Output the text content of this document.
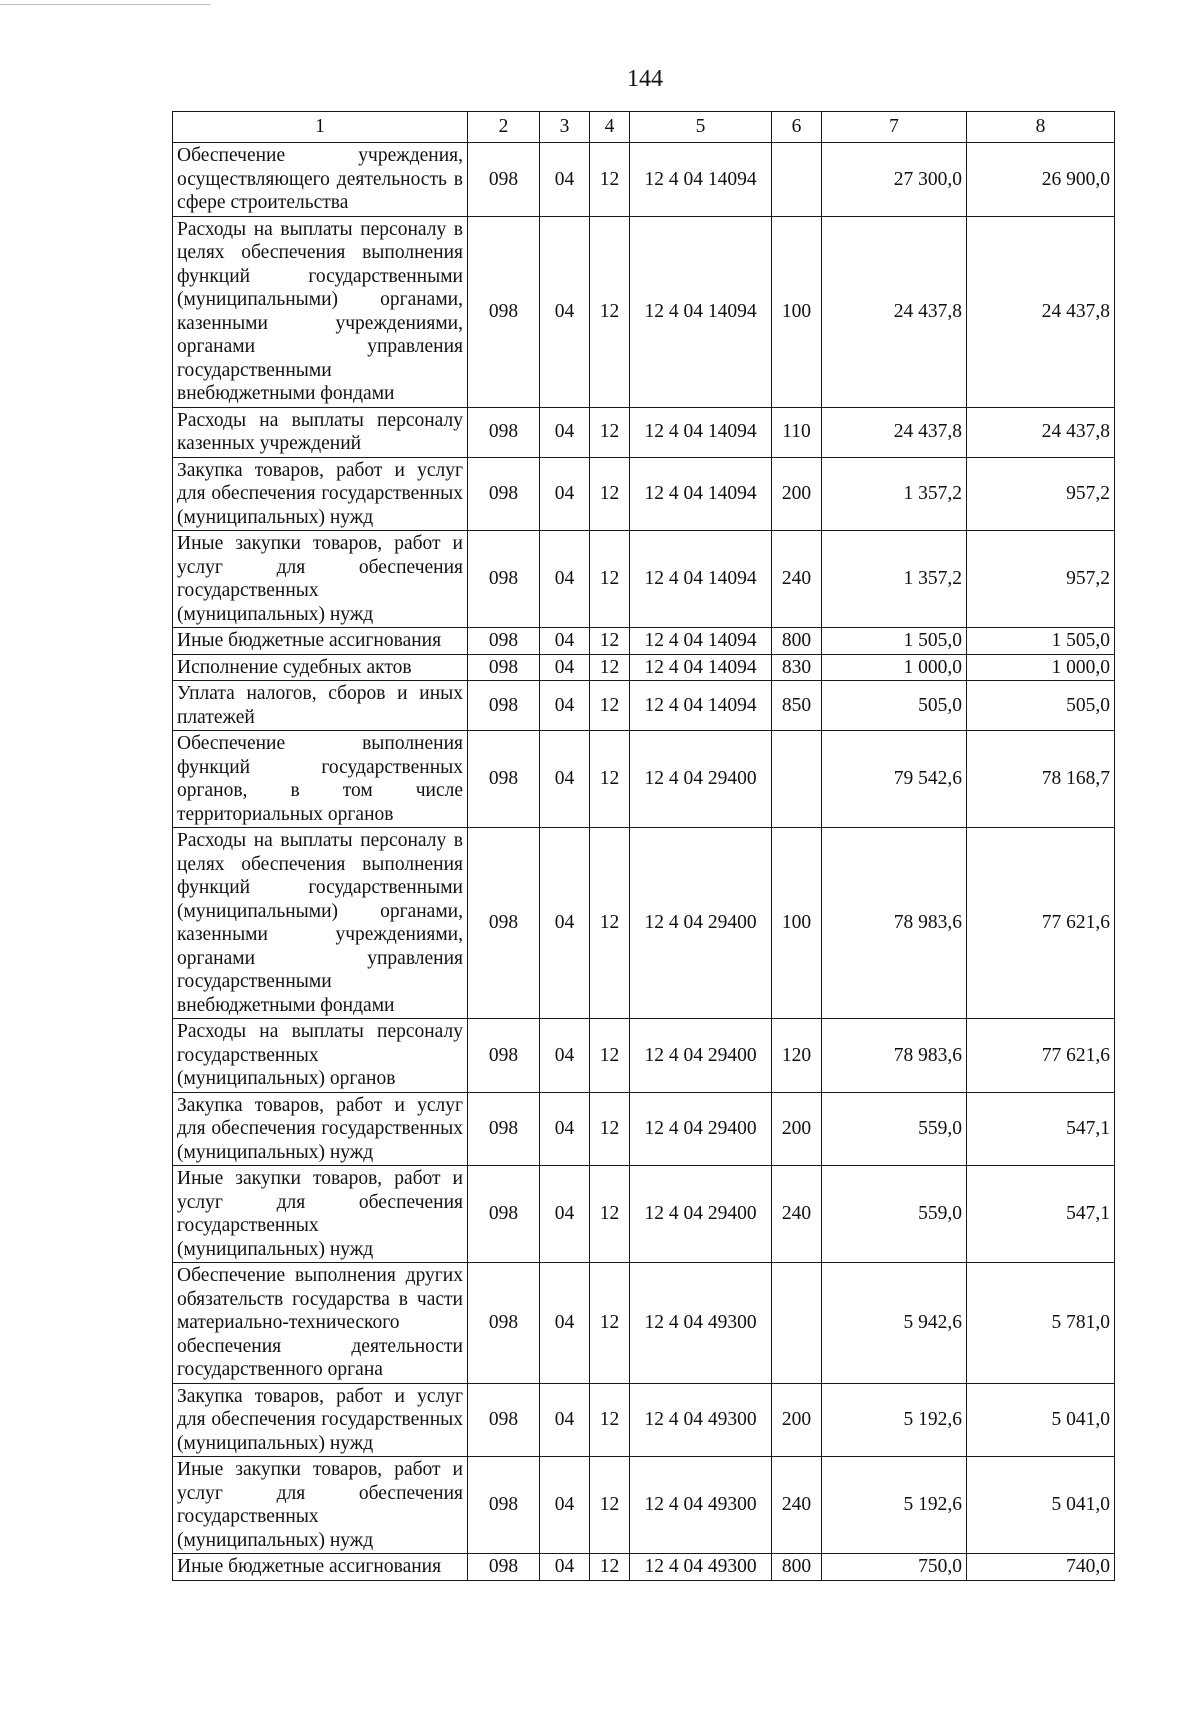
144
1	2	3	4	5	6	7	8
Обеспечение учреждения, осуществляющего деятельность в сфере строительства	098	04	12	12 4 04 14094		27 300,0	26 900,0
Расходы на выплаты персоналу в целях обеспечения выполнения функций государственными (муниципальными) органами, казенными учреждениями, органами управления государственными внебюджетными фондами	098	04	12	12 4 04 14094	100	24 437,8	24 437,8
Расходы на выплаты персоналу казенных учреждений	098	04	12	12 4 04 14094	110	24 437,8	24 437,8
Закупка товаров, работ и услуг для обеспечения государственных (муниципальных) нужд	098	04	12	12 4 04 14094	200	1 357,2	957,2
Иные закупки товаров, работ и услуг для обеспечения государственных (муниципальных) нужд	098	04	12	12 4 04 14094	240	1 357,2	957,2
Иные бюджетные ассигнования	098	04	12	12 4 04 14094	800	1 505,0	1 505,0
Исполнение судебных актов	098	04	12	12 4 04 14094	830	1 000,0	1 000,0
Уплата налогов, сборов и иных платежей	098	04	12	12 4 04 14094	850	505,0	505,0
Обеспечение выполнения функций государственных органов, в том числе территориальных органов	098	04	12	12 4 04 29400		79 542,6	78 168,7
Расходы на выплаты персоналу в целях обеспечения выполнения функций государственными (муниципальными) органами, казенными учреждениями, органами управления государственными внебюджетными фондами	098	04	12	12 4 04 29400	100	78 983,6	77 621,6
Расходы на выплаты персоналу государственных (муниципальных) органов	098	04	12	12 4 04 29400	120	78 983,6	77 621,6
Закупка товаров, работ и услуг для обеспечения государственных (муниципальных) нужд	098	04	12	12 4 04 29400	200	559,0	547,1
Иные закупки товаров, работ и услуг для обеспечения государственных (муниципальных) нужд	098	04	12	12 4 04 29400	240	559,0	547,1
Обеспечение выполнения других обязательств государства в части материально-технического обеспечения деятельности государственного органа	098	04	12	12 4 04 49300		5 942,6	5 781,0
Закупка товаров, работ и услуг для обеспечения государственных (муниципальных) нужд	098	04	12	12 4 04 49300	200	5 192,6	5 041,0
Иные закупки товаров, работ и услуг для обеспечения государственных (муниципальных) нужд	098	04	12	12 4 04 49300	240	5 192,6	5 041,0
Иные бюджетные ассигнования	098	04	12	12 4 04 49300	800	750,0	740,0
